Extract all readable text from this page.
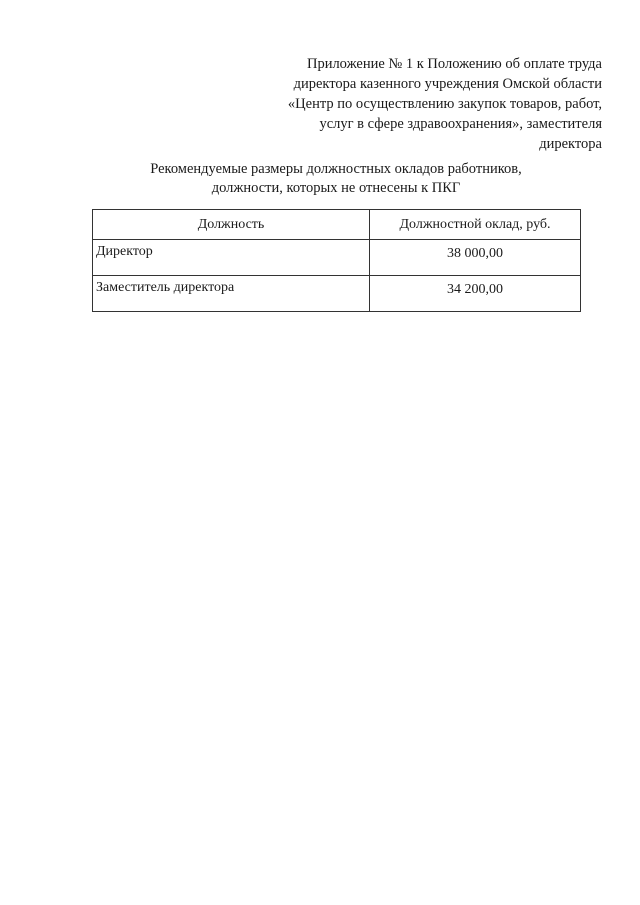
Приложение № 1 к Положению об оплате труда
директора казенного учреждения Омской области
«Центр по осуществлению закупок товаров, работ,
услуг в сфере здравоохранения», заместителя
директора
Рекомендуемые размеры должностных окладов работников,
должности, которых не отнесены к ПКГ
Должность	Должностной оклад, руб.
Директор	38 000,00
Заместитель директора	34 200,00
